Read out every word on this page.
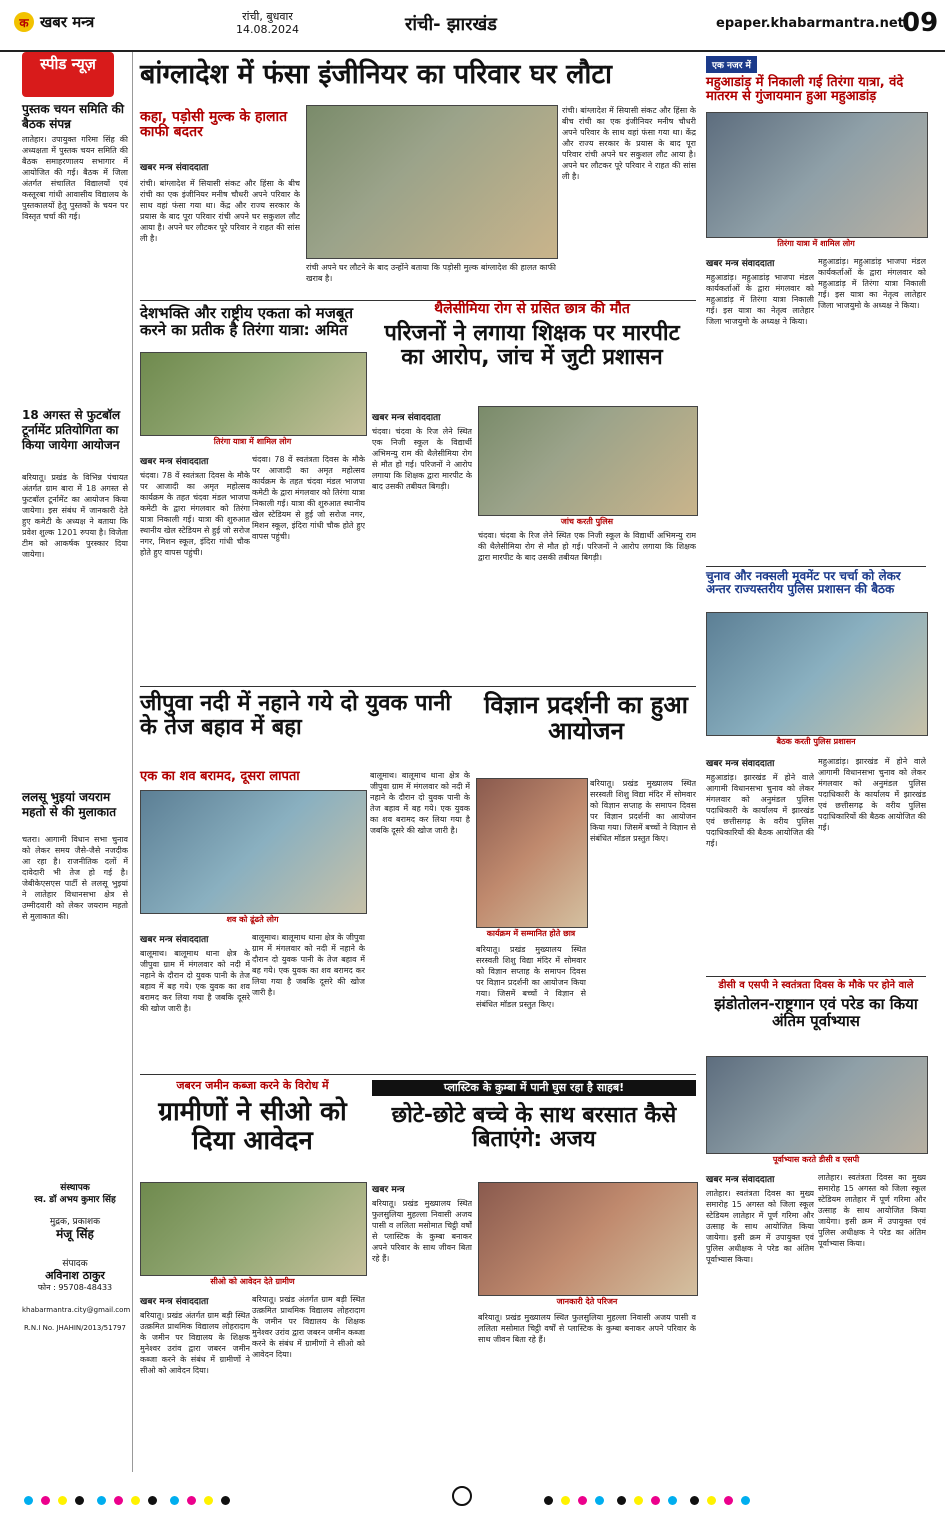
क खबर मन्त्र	रांची, बुधवार
14.08.2024	रांची- झारखंड	epaper.khabarmantra.net
09
स्पीड न्यूज़
पुस्तक चयन समिति की बैठक संपन्न
लातेहार। उपायुक्त गरिमा सिंह की अध्यक्षता में पुस्तक चयन समिति की बैठक समाहरणालय सभागार में आयोजित की गई। बैठक में जिला अंतर्गत संचालित विद्यालयों एवं कस्तूरबा गांधी आवासीय विद्यालय के पुस्तकालयों हेतु पुस्तकों के चयन पर विस्तृत चर्चा की गई।
18 अगस्त से फुटबॉल टूर्नामेंट प्रतियोगिता का किया जायेगा आयोजन
बरियातू। प्रखंड के विभिन्न पंचायत अंतर्गत ग्राम बारा में 18 अगस्त से फुटबॉल टूर्नामेंट का आयोजन किया जायेगा। इस संबंध में जानकारी देते हुए कमेटी के अध्यक्ष ने बताया कि प्रवेश शुल्क 1201 रुपया है। विजेता टीम को आकर्षक पुरस्कार दिया जायेगा।
ललसू भुइयां जयराम महतो से की मुलाकात
चतरा। आगामी विधान सभा चुनाव को लेकर समय जैसे-जैसे नजदीक आ रहा है। राजनीतिक दलों में दावेदारी भी तेज हो गई है। जेबीकेएसएस पार्टी से ललसू भुइयां ने लातेहार विधानसभा क्षेत्र से उम्मीदवारी को लेकर जयराम महतो से मुलाकात की।
संस्थापक
स्व. डॉ अभय कुमार सिंह
मुद्रक, प्रकाशक
मंजू सिंह
संपादक
अविनाश ठाकुर
फोन : 95708-48433
khabarmantra.city@gmail.com
R.N.I No. JHAHIN/2013/51797
बांग्लादेश में फंसा इंजीनियर का परिवार घर लौटा
कहा, पड़ोसी मुल्क के हालात काफी बदतर
खबर मन्त्र संवाददाता
रांची। बांग्लादेश में सियासी संकट और हिंसा के बीच रांची का एक इंजीनियर मनीष चौधरी अपने परिवार के साथ वहां फंसा गया था। केंद्र और राज्य सरकार के प्रयास के बाद पूरा परिवार रांची अपने घर सकुशल लौट आया है। अपने घर लौटकर पूरे परिवार ने राहत की सांस ली है।
रांची अपने घर लौटने के बाद उन्होंने बताया कि पड़ोसी मुल्क बांग्लादेश की हालत काफी खराब है।
रांची। बांग्लादेश में सियासी संकट और हिंसा के बीच रांची का एक इंजीनियर मनीष चौधरी अपने परिवार के साथ वहां फंसा गया था। केंद्र और राज्य सरकार के प्रयास के बाद पूरा परिवार रांची अपने घर सकुशल लौट आया है। अपने घर लौटकर पूरे परिवार ने राहत की सांस ली है।
देशभक्ति और राष्ट्रीय एकता को मजबूत करने का प्रतीक है तिरंगा यात्रा: अमित
तिरंगा यात्रा में शामिल लोग
खबर मन्त्र संवाददाता
चंदवा। 78 वें स्वतंत्रता दिवस के मौके पर आजादी का अमृत महोत्सव कार्यक्रम के तहत चंदवा मंडल भाजपा कमेटी के द्वारा मंगलवार को तिरंगा यात्रा निकाली गई। यात्रा की शुरुआत स्थानीय खेल स्टेडियम से हुई जो सरोज नगर, मिशन स्कूल, इंदिरा गांधी चौक होते हुए वापस पहुंची।
चंदवा। 78 वें स्वतंत्रता दिवस के मौके पर आजादी का अमृत महोत्सव कार्यक्रम के तहत चंदवा मंडल भाजपा कमेटी के द्वारा मंगलवार को तिरंगा यात्रा निकाली गई। यात्रा की शुरुआत स्थानीय खेल स्टेडियम से हुई जो सरोज नगर, मिशन स्कूल, इंदिरा गांधी चौक होते हुए वापस पहुंची।
थैलेसीमिया रोग से ग्रसित छात्र की मौत
परिजनों ने लगाया शिक्षक पर मारपीट का आरोप, जांच में जुटी प्रशासन
खबर मन्त्र संवाददाता
चंदवा। चंदवा के रिज लेने स्थित एक निजी स्कूल के विद्यार्थी अभिमन्यु राम की थैलेसीमिया रोग से मौत हो गई। परिजनों ने आरोप लगाया कि शिक्षक द्वारा मारपीट के बाद उसकी तबीयत बिगड़ी।
जांच करती पुलिस
चंदवा। चंदवा के रिज लेने स्थित एक निजी स्कूल के विद्यार्थी अभिमन्यु राम की थैलेसीमिया रोग से मौत हो गई। परिजनों ने आरोप लगाया कि शिक्षक द्वारा मारपीट के बाद उसकी तबीयत बिगड़ी।
एक नजर में
महुआडांड़ में निकाली गई तिरंगा यात्रा, वंदे मातरम से गुंजायमान हुआ महुआडांड़
तिरंगा यात्रा में शामिल लोग
खबर मन्त्र संवाददाता
महुआडांड़। महुआडांड़ भाजपा मंडल कार्यकर्ताओं के द्वारा मंगलवार को महुआडांड़ में तिरंगा यात्रा निकाली गई। इस यात्रा का नेतृत्व लातेहार जिला भाजयुमो के अध्यक्ष ने किया।
महुआडांड़। महुआडांड़ भाजपा मंडल कार्यकर्ताओं के द्वारा मंगलवार को महुआडांड़ में तिरंगा यात्रा निकाली गई। इस यात्रा का नेतृत्व लातेहार जिला भाजयुमो के अध्यक्ष ने किया।
चुनाव और नक्सली मूवमेंट पर चर्चा को लेकर अन्तर राज्यस्तरीय पुलिस प्रशासन की बैठक
बैठक करती पुलिस प्रशासन
खबर मन्त्र संवाददाता
महुआडांड़। झारखंड में होने वाले आगामी विधानसभा चुनाव को लेकर मंगलवार को अनुमंडल पुलिस पदाधिकारी के कार्यालय में झारखंड एवं छत्तीसगढ़ के वरीय पुलिस पदाधिकारियों की बैठक आयोजित की गई।
महुआडांड़। झारखंड में होने वाले आगामी विधानसभा चुनाव को लेकर मंगलवार को अनुमंडल पुलिस पदाधिकारी के कार्यालय में झारखंड एवं छत्तीसगढ़ के वरीय पुलिस पदाधिकारियों की बैठक आयोजित की गई।
जीपुवा नदी में नहाने गये दो युवक पानी के तेज बहाव में बहा
एक का शव बरामद, दूसरा लापता
शव को ढूंढते लोग
खबर मन्त्र संवाददाता
बालूमाथ। बालूमाथ थाना क्षेत्र के जीपुवा ग्राम में मंगलवार को नदी में नहाने के दौरान दो युवक पानी के तेज बहाव में बह गये। एक युवक का शव बरामद कर लिया गया है जबकि दूसरे की खोज जारी है।
बालूमाथ। बालूमाथ थाना क्षेत्र के जीपुवा ग्राम में मंगलवार को नदी में नहाने के दौरान दो युवक पानी के तेज बहाव में बह गये। एक युवक का शव बरामद कर लिया गया है जबकि दूसरे की खोज जारी है।
बालूमाथ। बालूमाथ थाना क्षेत्र के जीपुवा ग्राम में मंगलवार को नदी में नहाने के दौरान दो युवक पानी के तेज बहाव में बह गये। एक युवक का शव बरामद कर लिया गया है जबकि दूसरे की खोज जारी है।
विज्ञान प्रदर्शनी का हुआ आयोजन
कार्यक्रम में सम्मानित होते छात्र
बरियातू। प्रखंड मुख्यालय स्थित सरस्वती शिशु विद्या मंदिर में सोमवार को विज्ञान सप्ताह के समापन दिवस पर विज्ञान प्रदर्शनी का आयोजन किया गया। जिसमें बच्चों ने विज्ञान से संबंधित मॉडल प्रस्तुत किए।
बरियातू। प्रखंड मुख्यालय स्थित सरस्वती शिशु विद्या मंदिर में सोमवार को विज्ञान सप्ताह के समापन दिवस पर विज्ञान प्रदर्शनी का आयोजन किया गया। जिसमें बच्चों ने विज्ञान से संबंधित मॉडल प्रस्तुत किए।
डीसी व एसपी ने स्वतंत्रता दिवस के मौके पर होने वाले
झंडोतोलन-राष्ट्रगान एवं परेड का किया अंतिम पूर्वाभ्यास
पूर्वाभ्यास करते डीसी व एसपी
खबर मन्त्र संवाददाता
लातेहार। स्वतंत्रता दिवस का मुख्य समारोह 15 अगस्त को जिला स्कूल स्टेडियम लातेहार में पूर्ण गरिमा और उत्साह के साथ आयोजित किया जायेगा। इसी क्रम में उपायुक्त एवं पुलिस अधीक्षक ने परेड का अंतिम पूर्वाभ्यास किया।
लातेहार। स्वतंत्रता दिवस का मुख्य समारोह 15 अगस्त को जिला स्कूल स्टेडियम लातेहार में पूर्ण गरिमा और उत्साह के साथ आयोजित किया जायेगा। इसी क्रम में उपायुक्त एवं पुलिस अधीक्षक ने परेड का अंतिम पूर्वाभ्यास किया।
जबरन जमीन कब्जा करने के विरोध में
ग्रामीणों ने सीओ को दिया आवेदन
सीओ को आवेदन देते ग्रामीण
खबर मन्त्र संवाददाता
बरियातू। प्रखंड अंतर्गत ग्राम बड़ी स्थित उत्क्रमित प्राथमिक विद्यालय लोहरादाग के जमीन पर विद्यालय के शिक्षक मुनेश्वर उरांव द्वारा जबरन जमीन कब्जा करने के संबंध में ग्रामीणों ने सीओ को आवेदन दिया।
बरियातू। प्रखंड अंतर्गत ग्राम बड़ी स्थित उत्क्रमित प्राथमिक विद्यालय लोहरादाग के जमीन पर विद्यालय के शिक्षक मुनेश्वर उरांव द्वारा जबरन जमीन कब्जा करने के संबंध में ग्रामीणों ने सीओ को आवेदन दिया।
प्लास्टिक के कुम्बा में पानी घुस रहा है साहब!
छोटे-छोटे बच्चे के साथ बरसात कैसे बिताएंगे: अजय
खबर मन्त्र
बरियातू। प्रखंड मुख्यालय स्थित फुलसुलिया मुहल्ला निवासी अजय पासी व ललिता मसोमात चिट्ठी वर्षों से प्लास्टिक के कुम्बा बनाकर अपने परिवार के साथ जीवन बिता रहे हैं।
जानकारी देते परिजन
बरियातू। प्रखंड मुख्यालय स्थित फुलसुलिया मुहल्ला निवासी अजय पासी व ललिता मसोमात चिट्ठी वर्षों से प्लास्टिक के कुम्बा बनाकर अपने परिवार के साथ जीवन बिता रहे हैं।
